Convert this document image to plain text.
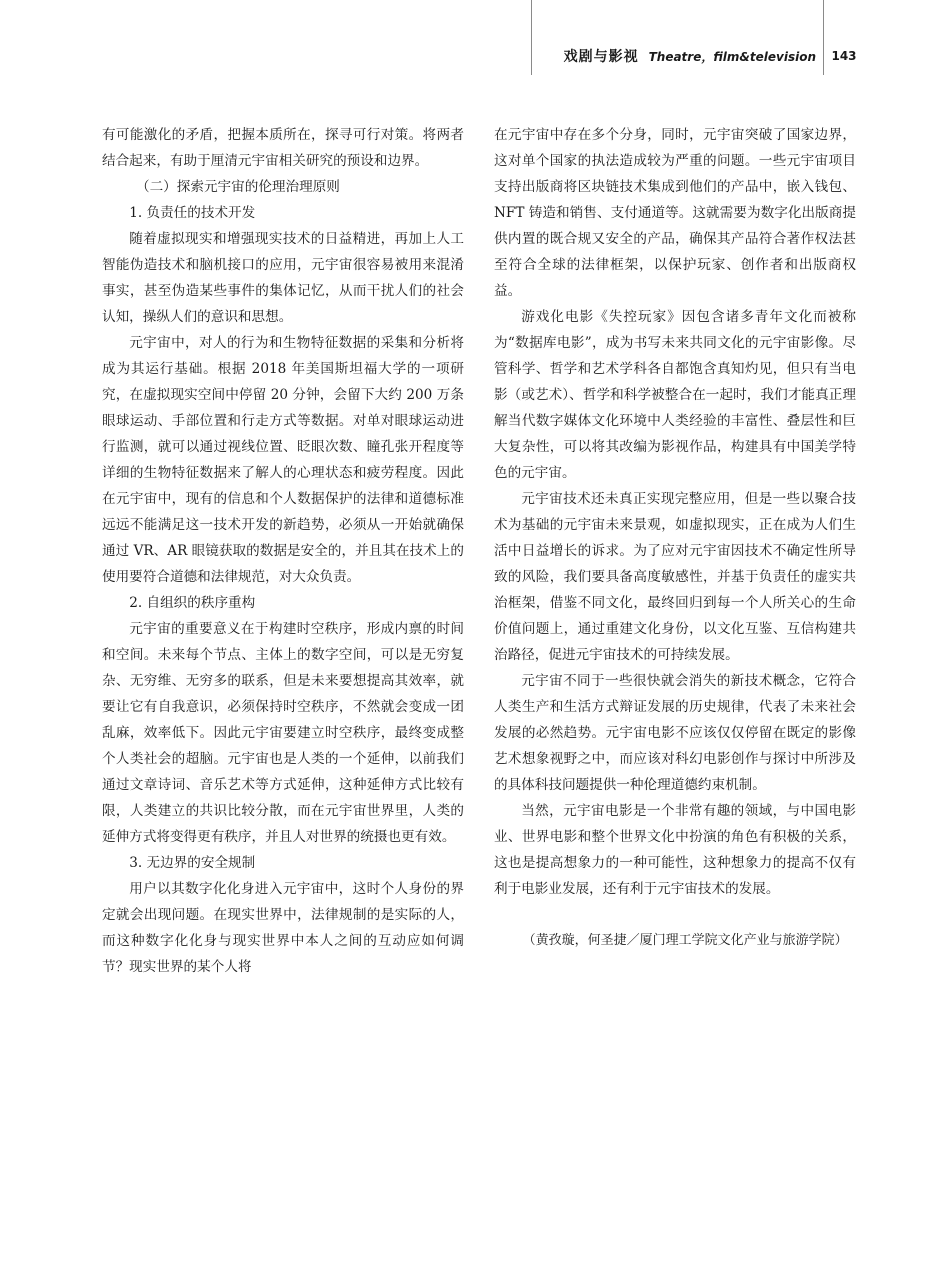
戏剧与影视 Theatre，film&television	143

有可能激化的矛盾，把握本质所在，探寻可行对策。将两者结合起来，有助于厘清元宇宙相关研究的预设和边界。

（二）探索元宇宙的伦理治理原则

1. 负责任的技术开发

随着虚拟现实和增强现实技术的日益精进，再加上人工智能伪造技术和脑机接口的应用，元宇宙很容易被用来混淆事实，甚至伪造某些事件的集体记忆，从而干扰人们的社会认知，操纵人们的意识和思想。

元宇宙中，对人的行为和生物特征数据的采集和分析将成为其运行基础。根据 2018 年美国斯坦福大学的一项研究，在虚拟现实空间中停留 20 分钟，会留下大约 200 万条眼球运动、手部位置和行走方式等数据。对单对眼球运动进行监测，就可以通过视线位置、眨眼次数、瞳孔张开程度等详细的生物特征数据来了解人的心理状态和疲劳程度。因此在元宇宙中，现有的信息和个人数据保护的法律和道德标准远远不能满足这一技术开发的新趋势，必须从一开始就确保通过 VR、AR 眼镜获取的数据是安全的，并且其在技术上的使用要符合道德和法律规范，对大众负责。

2. 自组织的秩序重构

元宇宙的重要意义在于构建时空秩序，形成内禀的时间和空间。未来每个节点、主体上的数字空间，可以是无穷复杂、无穷维、无穷多的联系，但是未来要想提高其效率，就要让它有自我意识，必须保持时空秩序，不然就会变成一团乱麻，效率低下。因此元宇宙要建立时空秩序，最终变成整个人类社会的超脑。元宇宙也是人类的一个延伸，以前我们通过文章诗词、音乐艺术等方式延伸，这种延伸方式比较有限，人类建立的共识比较分散，而在元宇宙世界里，人类的延伸方式将变得更有秩序，并且人对世界的统摄也更有效。

3. 无边界的安全规制

用户以其数字化化身进入元宇宙中，这时个人身份的界定就会出现问题。在现实世界中，法律规制的是实际的人，而这种数字化化身与现实世界中本人之间的互动应如何调节？现实世界的某个人将

在元宇宙中存在多个分身，同时，元宇宙突破了国家边界，这对单个国家的执法造成较为严重的问题。一些元宇宙项目支持出版商将区块链技术集成到他们的产品中，嵌入钱包、NFT 铸造和销售、支付通道等。这就需要为数字化出版商提供内置的既合规又安全的产品，确保其产品符合著作权法甚至符合全球的法律框架，以保护玩家、创作者和出版商权益。

游戏化电影《失控玩家》因包含诸多青年文化而被称为“数据库电影”，成为书写未来共同文化的元宇宙影像。尽管科学、哲学和艺术学科各自都饱含真知灼见，但只有当电影（或艺术）、哲学和科学被整合在一起时，我们才能真正理解当代数字媒体文化环境中人类经验的丰富性、叠层性和巨大复杂性，可以将其改编为影视作品，构建具有中国美学特色的元宇宙。

元宇宙技术还未真正实现完整应用，但是一些以聚合技术为基础的元宇宙未来景观，如虚拟现实，正在成为人们生活中日益增长的诉求。为了应对元宇宙因技术不确定性所导致的风险，我们要具备高度敏感性，并基于负责任的虚实共治框架，借鉴不同文化，最终回归到每一个人所关心的生命价值问题上，通过重建文化身份，以文化互鉴、互信构建共治路径，促进元宇宙技术的可持续发展。

元宇宙不同于一些很快就会消失的新技术概念，它符合人类生产和生活方式辩证发展的历史规律，代表了未来社会发展的必然趋势。元宇宙电影不应该仅仅停留在既定的影像艺术想象视野之中，而应该对科幻电影创作与探讨中所涉及的具体科技问题提供一种伦理道德约束机制。

当然，元宇宙电影是一个非常有趣的领域，与中国电影业、世界电影和整个世界文化中扮演的角色有积极的关系，这也是提高想象力的一种可能性，这种想象力的提高不仅有利于电影业发展，还有利于元宇宙技术的发展。

（黄孜璇，何圣捷／厦门理工学院文化产业与旅游学院）
